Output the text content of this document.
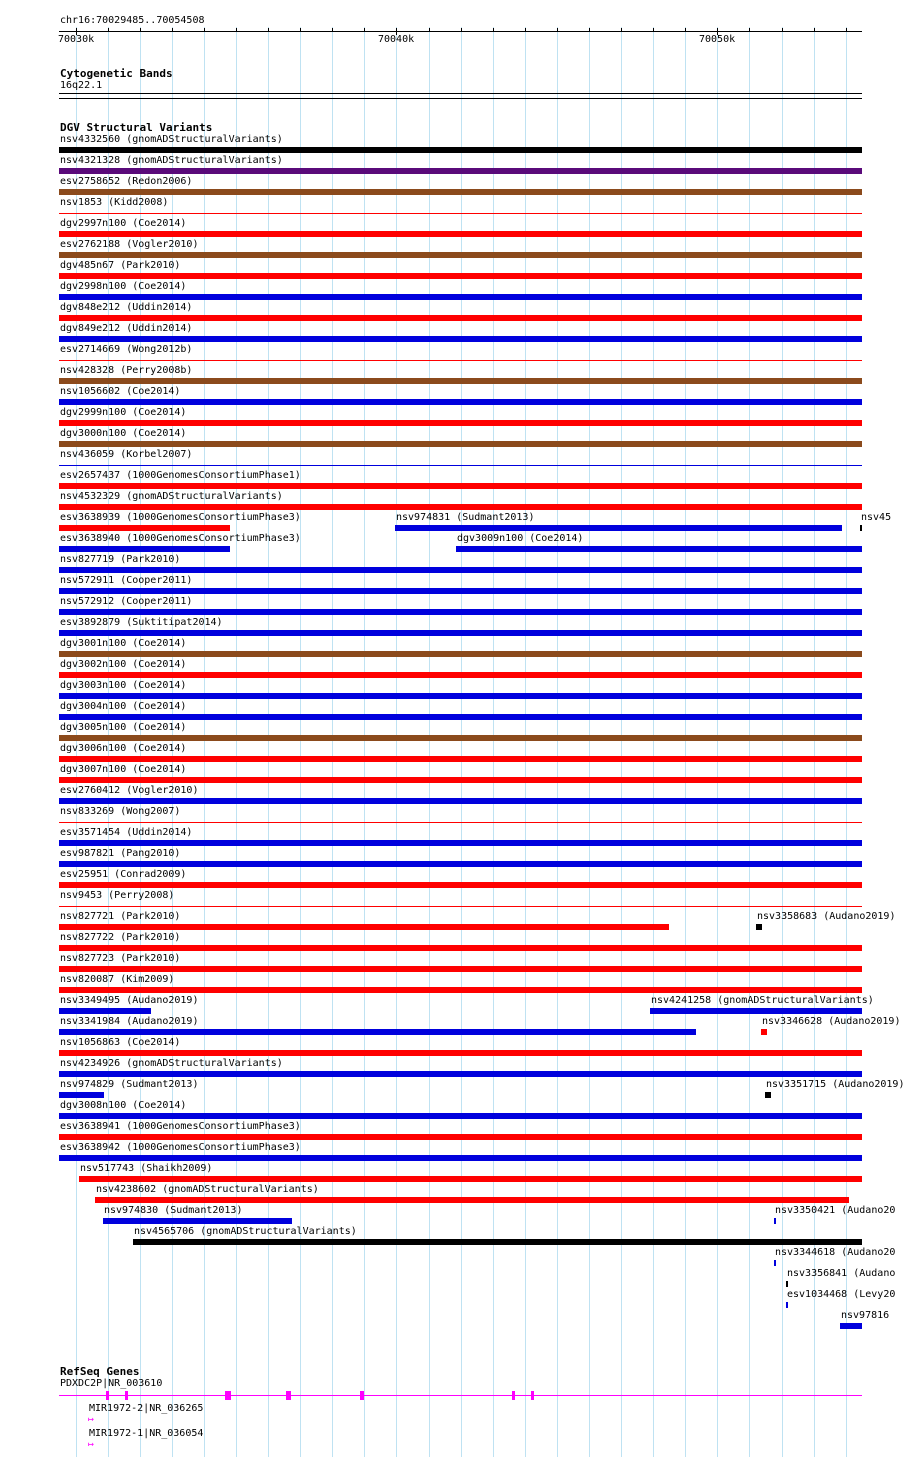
chr16:70029485..70054508
70030k	70040k	70050k
Cytogenetic Bands
16q22.1
DGV Structural Variants
nsv4332560 (gnomADStructuralVariants)
nsv4321328 (gnomADStructuralVariants)
esv2758652 (Redon2006)
nsv1853 (Kidd2008)
dgv2997n100 (Coe2014)
esv2762188 (Vogler2010)
dgv485n67 (Park2010)
dgv2998n100 (Coe2014)
dgv848e212 (Uddin2014)
dgv849e212 (Uddin2014)
esv2714669 (Wong2012b)
nsv428328 (Perry2008b)
nsv1056602 (Coe2014)
dgv2999n100 (Coe2014)
dgv3000n100 (Coe2014)
nsv436059 (Korbel2007)
esv2657437 (1000GenomesConsortiumPhase1)
nsv4532329 (gnomADStructuralVariants)
esv3638939 (1000GenomesConsortiumPhase3)	nsv974831 (Sudmant2013)	nsv45
esv3638940 (1000GenomesConsortiumPhase3)	dgv3009n100 (Coe2014)
nsv827719 (Park2010)
nsv572911 (Cooper2011)
nsv572912 (Cooper2011)
esv3892879 (Suktitipat2014)
dgv3001n100 (Coe2014)
dgv3002n100 (Coe2014)
dgv3003n100 (Coe2014)
dgv3004n100 (Coe2014)
dgv3005n100 (Coe2014)
dgv3006n100 (Coe2014)
dgv3007n100 (Coe2014)
esv2760412 (Vogler2010)
nsv833269 (Wong2007)
esv3571454 (Uddin2014)
esv987821 (Pang2010)
esv25951 (Conrad2009)
nsv9453 (Perry2008)
nsv827721 (Park2010)	nsv3358683 (Audano2019)
nsv827722 (Park2010)
nsv827723 (Park2010)
nsv820087 (Kim2009)
nsv3349495 (Audano2019)	nsv4241258 (gnomADStructuralVariants)
nsv3341984 (Audano2019)	nsv3346628 (Audano2019)
nsv1056863 (Coe2014)
nsv4234926 (gnomADStructuralVariants)
nsv974829 (Sudmant2013)	nsv3351715 (Audano2019)
dgv3008n100 (Coe2014)
esv3638941 (1000GenomesConsortiumPhase3)
esv3638942 (1000GenomesConsortiumPhase3)
nsv517743 (Shaikh2009)
nsv4238602 (gnomADStructuralVariants)
nsv974830 (Sudmant2013)	nsv3350421 (Audano20
nsv4565706 (gnomADStructuralVariants)
nsv3344618 (Audano20
nsv3356841 (Audano
esv1034468 (Levy20
nsv97816
RefSeq Genes
PDXDC2P|NR_003610
MIR1972-2|NR_036265
↦
MIR1972-1|NR_036054
↦
